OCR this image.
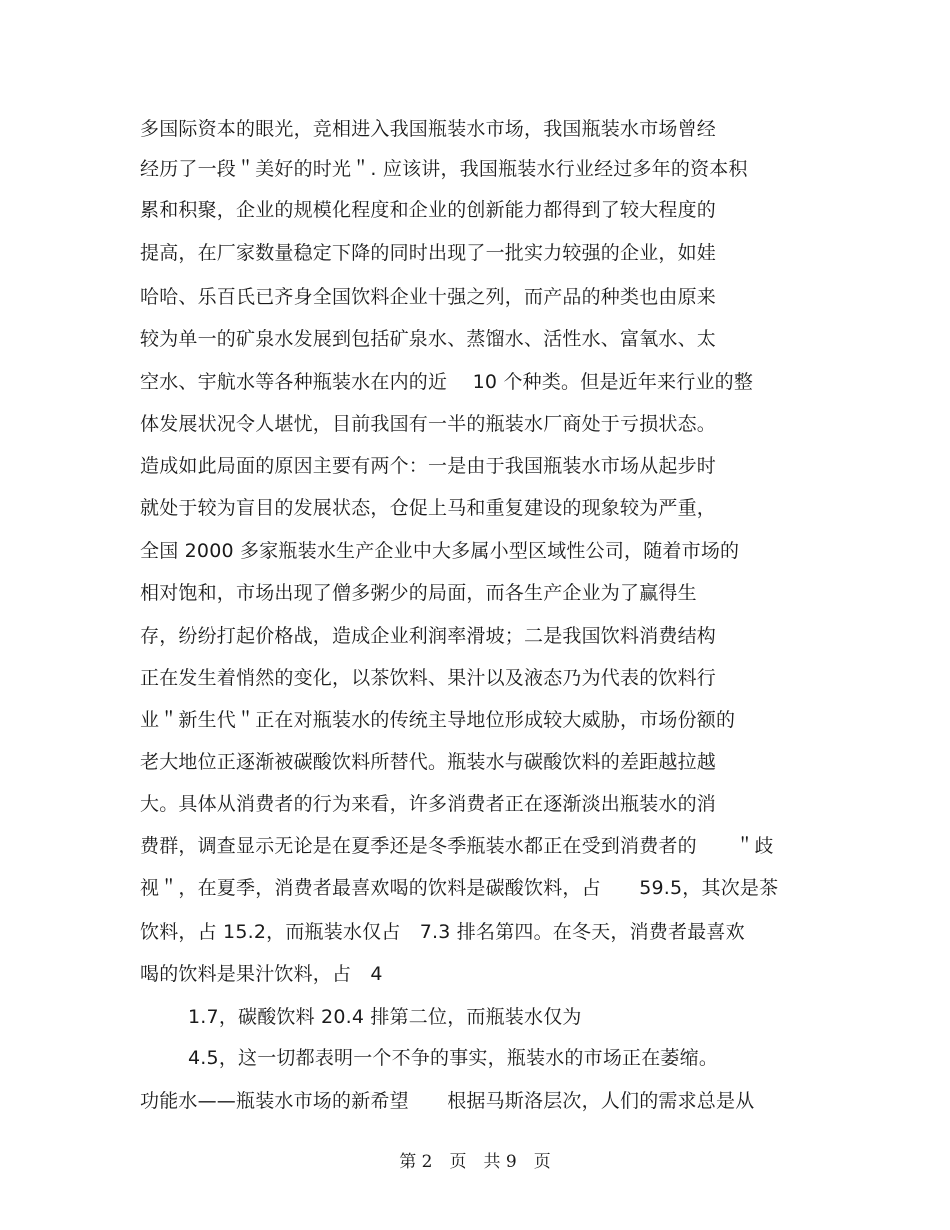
多国际资本的眼光，竞相进入我国瓶装水市场，我国瓶装水市场曾经
经历了一段＂美好的时光＂. 应该讲，我国瓶装水行业经过多年的资本积
累和积聚，企业的规模化程度和企业的创新能力都得到了较大程度的
提高，在厂家数量稳定下降的同时出现了一批实力较强的企业，如娃
哈哈、乐百氏已齐身全国饮料企业十强之列，而产品的种类也由原来
较为单一的矿泉水发展到包括矿泉水、蒸馏水、活性水、富氧水、太
空水、宇航水等各种瓶装水在内的近　 10 个种类。但是近年来行业的整
体发展状况令人堪忧，目前我国有一半的瓶装水厂商处于亏损状态。
造成如此局面的原因主要有两个：一是由于我国瓶装水市场从起步时
就处于较为盲目的发展状态，仓促上马和重复建设的现象较为严重，
全国 2000 多家瓶装水生产企业中大多属小型区域性公司，随着市场的
相对饱和，市场出现了僧多粥少的局面，而各生产企业为了赢得生
存，纷纷打起价格战，造成企业利润率滑坡；二是我国饮料消费结构
正在发生着悄然的变化，以茶饮料、果汁以及液态乃为代表的饮料行
业＂新生代＂正在对瓶装水的传统主导地位形成较大威胁，市场份额的
老大地位正逐渐被碳酸饮料所替代。瓶装水与碳酸饮料的差距越拉越
大。具体从消费者的行为来看，许多消费者正在逐渐淡出瓶装水的消
费群，调查显示无论是在夏季还是冬季瓶装水都正在受到消费者的　　＂歧
视＂，在夏季，消费者最喜欢喝的饮料是碳酸饮料，占　　59.5，其次是茶
饮料，占 15.2，而瓶装水仅占　7.3 排名第四。在冬天，消费者最喜欢
喝的饮料是果汁饮料，占　4
1.7，碳酸饮料 20.4 排第二位，而瓶装水仅为
4.5，这一切都表明一个不争的事实，瓶装水的市场正在萎缩。
功能水——瓶装水市场的新希望　　根据马斯洛层次，人们的需求总是从
第 2　页　共 9　页
